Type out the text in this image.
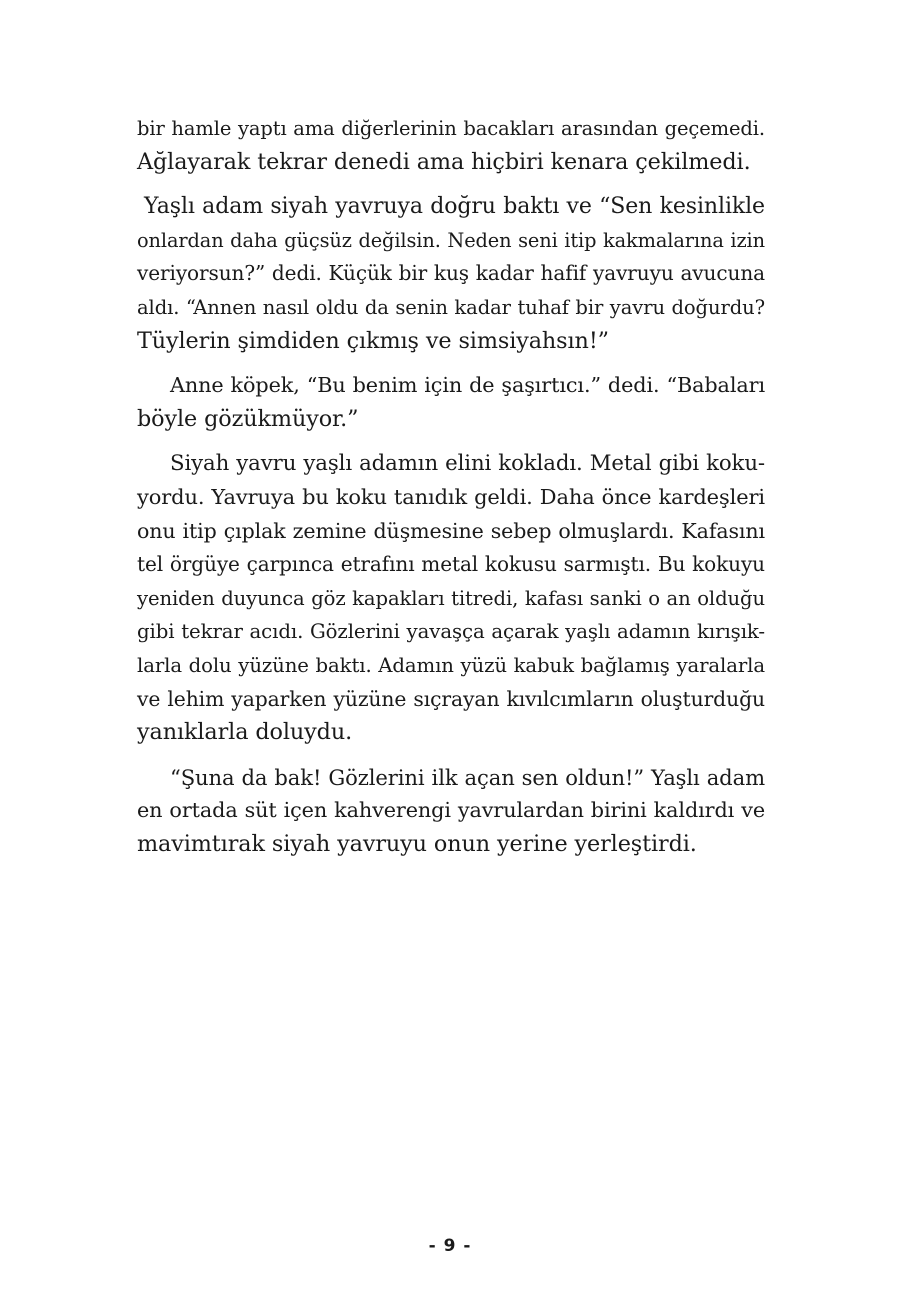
bir hamle yaptı ama diğerlerinin bacakları arasından geçemedi.
Ağlayarak tekrar denedi ama hiçbiri kenara çekilmedi.
Yaşlı adam siyah yavruya doğru baktı ve “Sen kesinlikle
onlardan daha güçsüz değilsin. Neden seni itip kakmalarına izin
veriyorsun?” dedi. Küçük bir kuş kadar hafif yavruyu avucuna
aldı. “Annen nasıl oldu da senin kadar tuhaf bir yavru doğurdu?
Tüylerin şimdiden çıkmış ve simsiyahsın!”
Anne köpek, “Bu benim için de şaşırtıcı.” dedi. “Babaları
böyle gözükmüyor.”
Siyah yavru yaşlı adamın elini kokladı. Metal gibi koku-
yordu. Yavruya bu koku tanıdık geldi. Daha önce kardeşleri
onu itip çıplak zemine düşmesine sebep olmuşlardı. Kafasını
tel örgüye çarpınca etrafını metal kokusu sarmıştı. Bu kokuyu
yeniden duyunca göz kapakları titredi, kafası sanki o an olduğu
gibi tekrar acıdı. Gözlerini yavaşça açarak yaşlı adamın kırışık-
larla dolu yüzüne baktı. Adamın yüzü kabuk bağlamış yaralarla
ve lehim yaparken yüzüne sıçrayan kıvılcımların oluşturduğu
yanıklarla doluydu.
“Şuna da bak! Gözlerini ilk açan sen oldun!” Yaşlı adam
en ortada süt içen kahverengi yavrulardan birini kaldırdı ve
mavimtırak siyah yavruyu onun yerine yerleştirdi.
- 9 -
